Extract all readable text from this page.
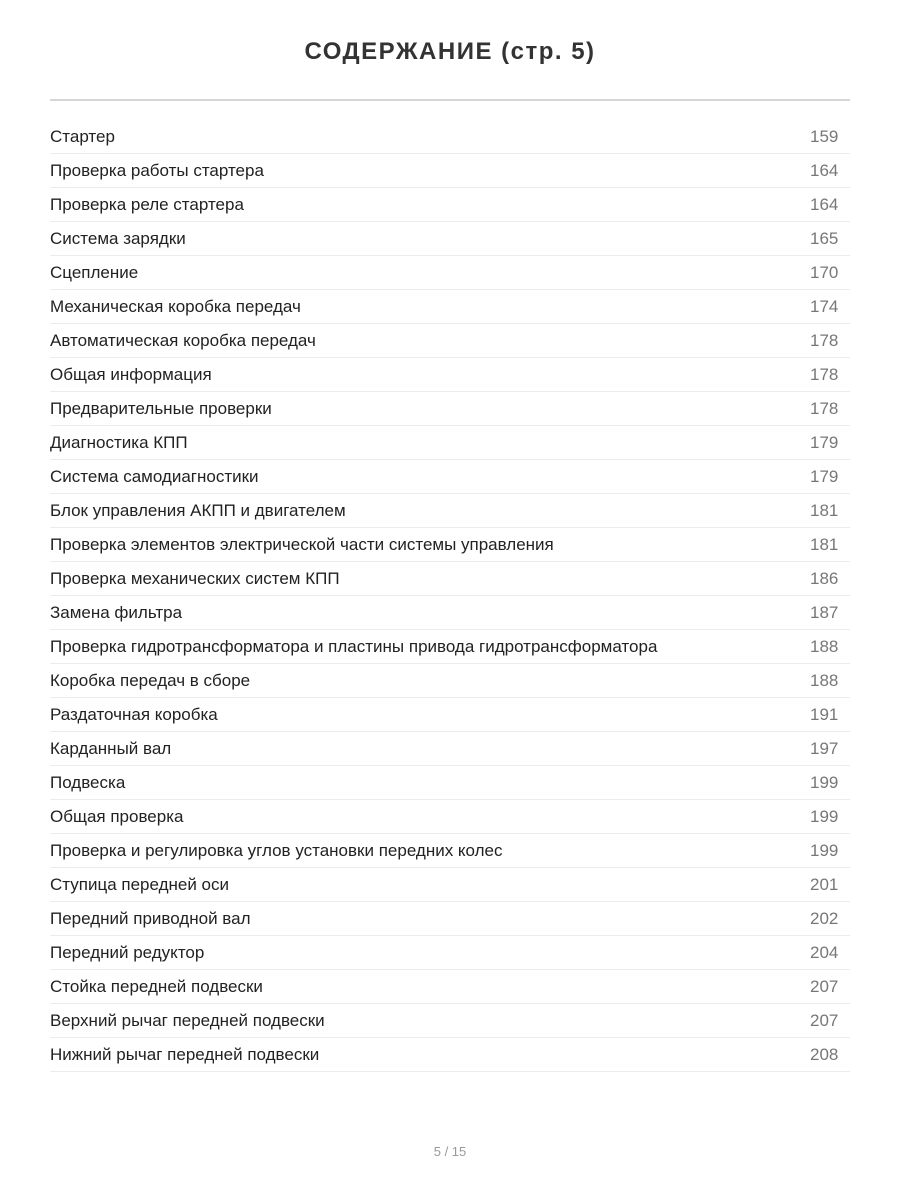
СОДЕРЖАНИЕ (стр. 5)
Стартер	159
Проверка работы стартера	164
Проверка реле стартера	164
Система зарядки	165
Сцепление	170
Механическая коробка передач	174
Автоматическая коробка передач	178
Общая информация	178
Предварительные проверки	178
Диагностика КПП	179
Система самодиагностики	179
Блок управления АКПП и двигателем	181
Проверка элементов электрической части системы управления	181
Проверка механических систем КПП	186
Замена фильтра	187
Проверка гидротрансформатора и пластины привода гидротрансформатора	188
Коробка передач в сборе	188
Раздаточная коробка	191
Карданный вал	197
Подвеска	199
Общая проверка	199
Проверка и регулировка углов установки передних колес	199
Ступица передней оси	201
Передний приводной вал	202
Передний редуктор	204
Стойка передней подвески	207
Верхний рычаг передней подвески	207
Нижний рычаг передней подвески	208
5 / 15
